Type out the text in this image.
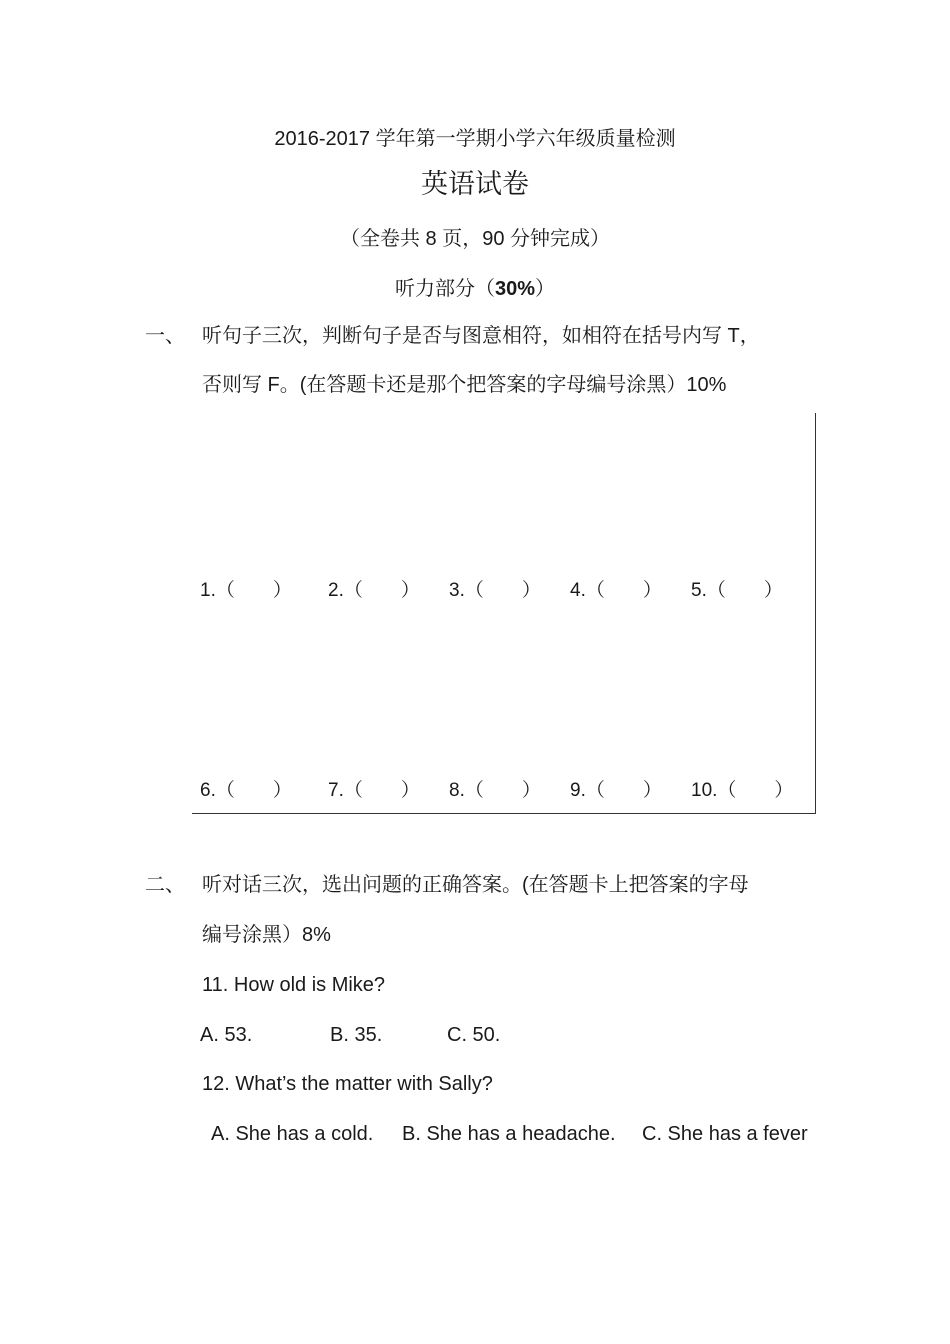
2016-2017 学年第一学期小学六年级质量检测
英语试卷
（全卷共 8 页，90 分钟完成）
听力部分（30%）
一、 听句子三次，判断句子是否与图意相符，如相符在括号内写 T，
否则写 F。(在答题卡还是那个把答案的字母编号涂黑）10%
1.（　　） 2.（　　） 3.（　　） 4.（　　） 5.（　　）
6.（　　） 7.（　　） 8.（　　） 9.（　　） 10.（　　）
二、 听对话三次，选出问题的正确答案。(在答题卡上把答案的字母
编号涂黑）8%
11. How old is Mike?
A. 53.	B. 35.	C. 50.
12. What’s the matter with Sally?
A. She has a cold. B. She has a headache. C. She has a fever
